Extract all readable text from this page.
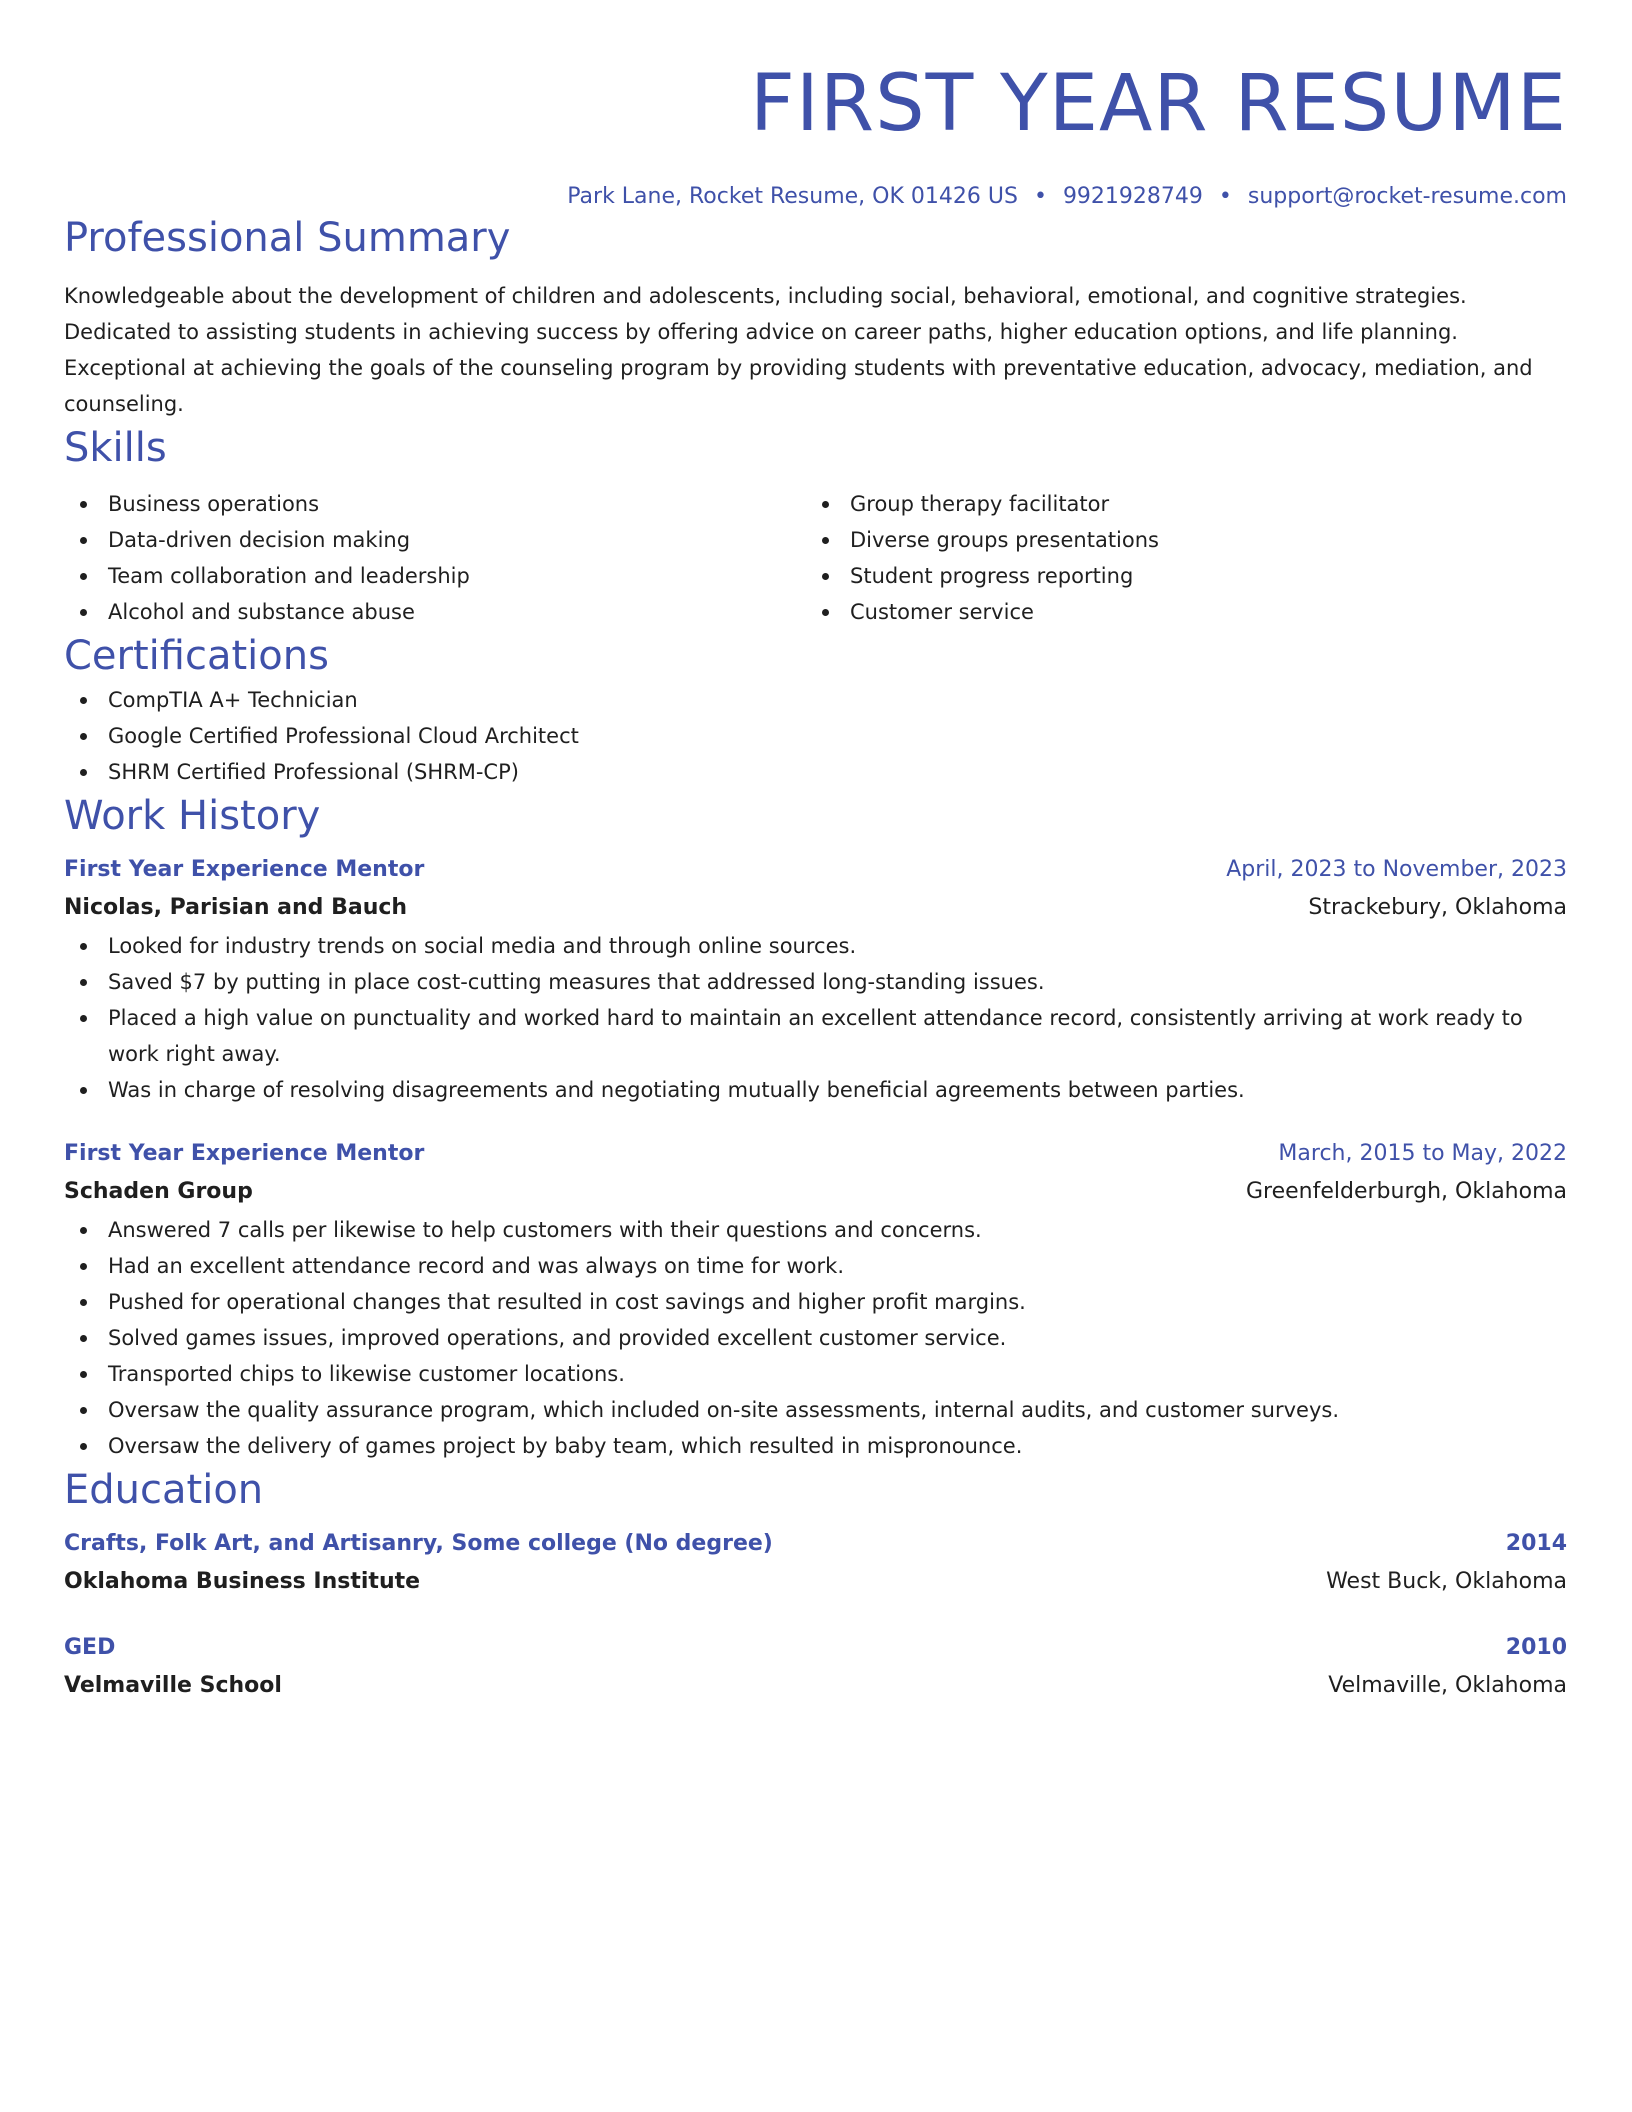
FIRST YEAR RESUME
Park Lane, Rocket Resume, OK 01426 US • 9921928749 • support@rocket-resume.com
Professional Summary

Knowledgeable about the development of children and adolescents, including social, behavioral, emotional, and cognitive strategies. Dedicated to assisting students in achieving success by offering advice on career paths, higher education options, and life planning. Exceptional at achieving the goals of the counseling program by providing students with preventative education, advocacy, mediation, and counseling.

Skills
Business operations
Data-driven decision making
Team collaboration and leadership
Alcohol and substance abuse
Group therapy facilitator
Diverse groups presentations
Student progress reporting
Customer service
Certifications
CompTIA A+ Technician
Google Certified Professional Cloud Architect
SHRM Certified Professional (SHRM-CP)
Work History
First Year Experience Mentor	April, 2023 to November, 2023
Nicolas, Parisian and Bauch	Strackebury, Oklahoma
Looked for industry trends on social media and through online sources.
Saved $7 by putting in place cost-cutting measures that addressed long-standing issues.
Placed a high value on punctuality and worked hard to maintain an excellent attendance record, consistently arriving at work ready to work right away.
Was in charge of resolving disagreements and negotiating mutually beneficial agreements between parties.
First Year Experience Mentor	March, 2015 to May, 2022
Schaden Group	Greenfelderburgh, Oklahoma
Answered 7 calls per likewise to help customers with their questions and concerns.
Had an excellent attendance record and was always on time for work.
Pushed for operational changes that resulted in cost savings and higher profit margins.
Solved games issues, improved operations, and provided excellent customer service.
Transported chips to likewise customer locations.
Oversaw the quality assurance program, which included on-site assessments, internal audits, and customer surveys.
Oversaw the delivery of games project by baby team, which resulted in mispronounce.
Education
Crafts, Folk Art, and Artisanry, Some college (No degree)	2014
Oklahoma Business Institute	West Buck, Oklahoma
GED	2010
Velmaville School	Velmaville, Oklahoma
